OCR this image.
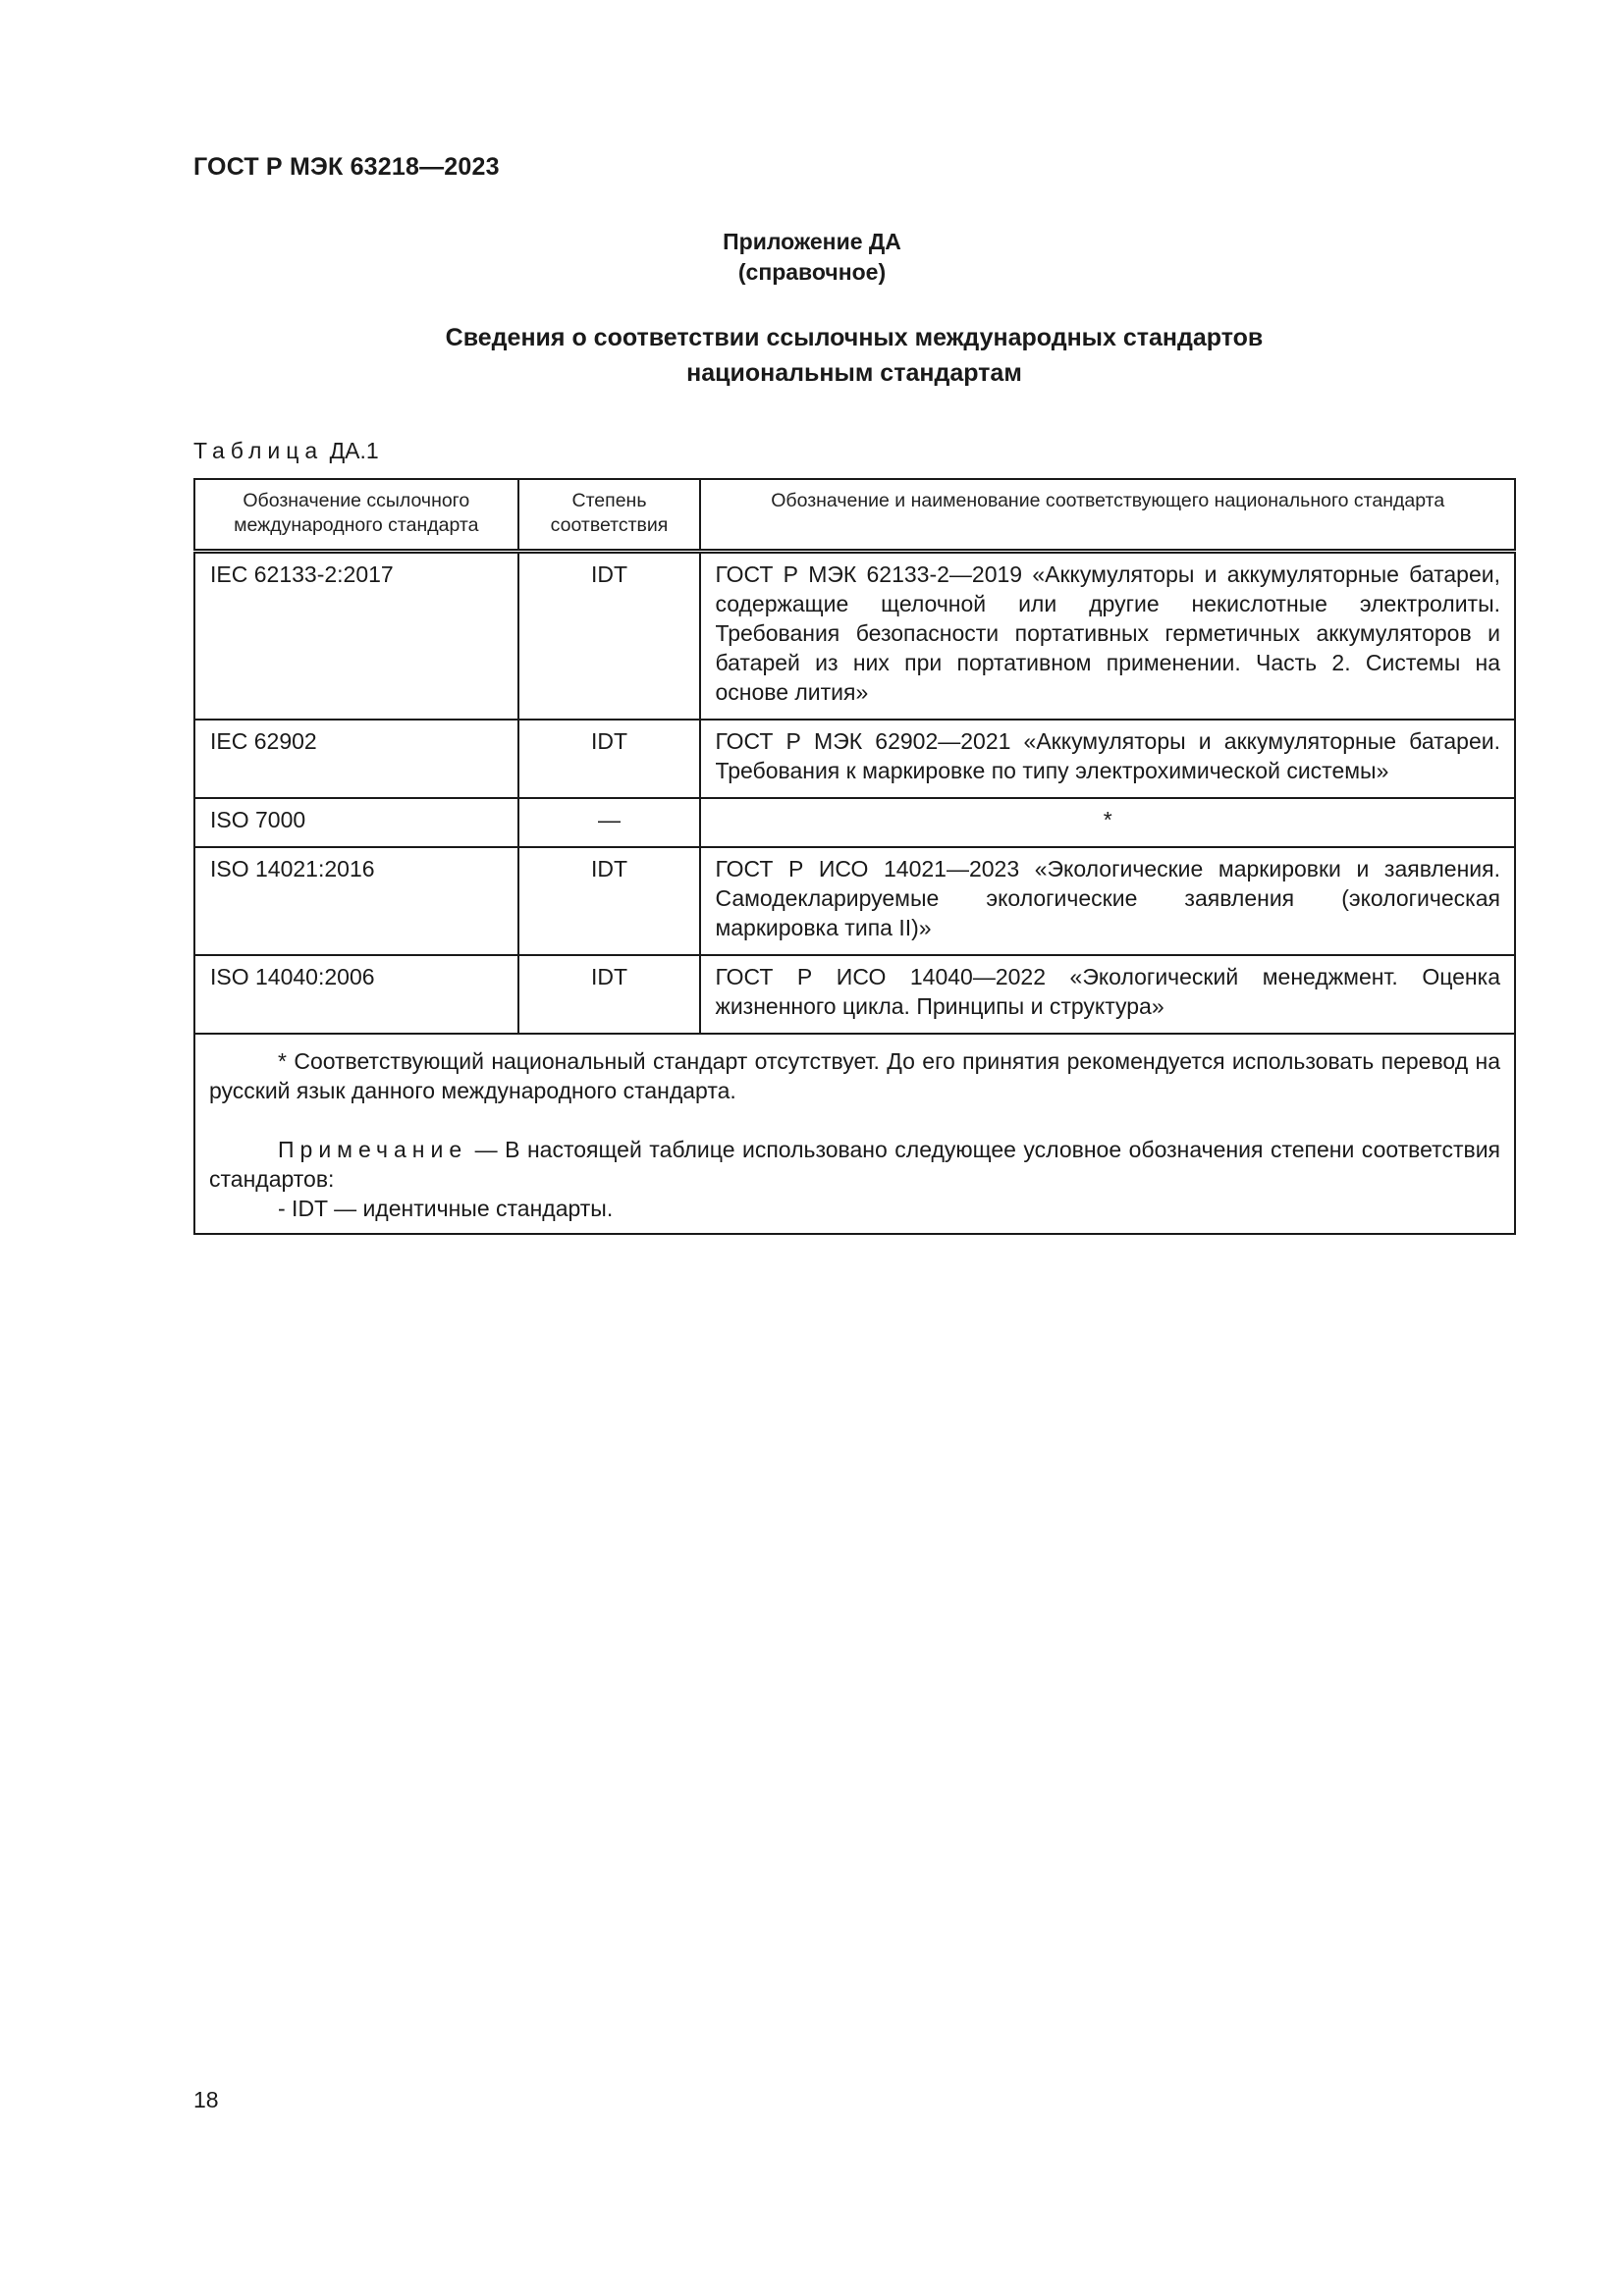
ГОСТ Р МЭК 63218—2023
Приложение ДА
(справочное)
Сведения о соответствии ссылочных международных стандартов
национальным стандартам
Таблица ДА.1
Обозначение ссылочного международного стандарта	Степень соответствия	Обозначение и наименование соответствующего национального стандарта
IEC 62133-2:2017	IDT	ГОСТ Р МЭК 62133-2—2019 «Аккумуляторы и аккумуляторные батареи, содержащие щелочной или другие некислотные электролиты. Требования безопасности портативных герметичных аккумуляторов и батарей из них при портативном применении. Часть 2. Системы на основе лития»
IEC 62902	IDT	ГОСТ Р МЭК 62902—2021 «Аккумуляторы и аккумуляторные батареи. Требования к маркировке по типу электрохимической системы»
ISO 7000	—	*
ISO 14021:2016	IDT	ГОСТ Р ИСО 14021—2023 «Экологические маркировки и заявления. Самодекларируемые экологические заявления (экологическая маркировка типа II)»
ISO 14040:2006	IDT	ГОСТ Р ИСО 14040—2022 «Экологический менеджмент. Оценка жизненного цикла. Принципы и структура»

* Соответствующий национальный стандарт отсутствует. До его принятия рекомендуется использовать перевод на русский язык данного международного стандарта.

Примечание — В настоящей таблице использовано следующее условное обозначения степени соответствия стандартов:

- IDT — идентичные стандарты.		

18
